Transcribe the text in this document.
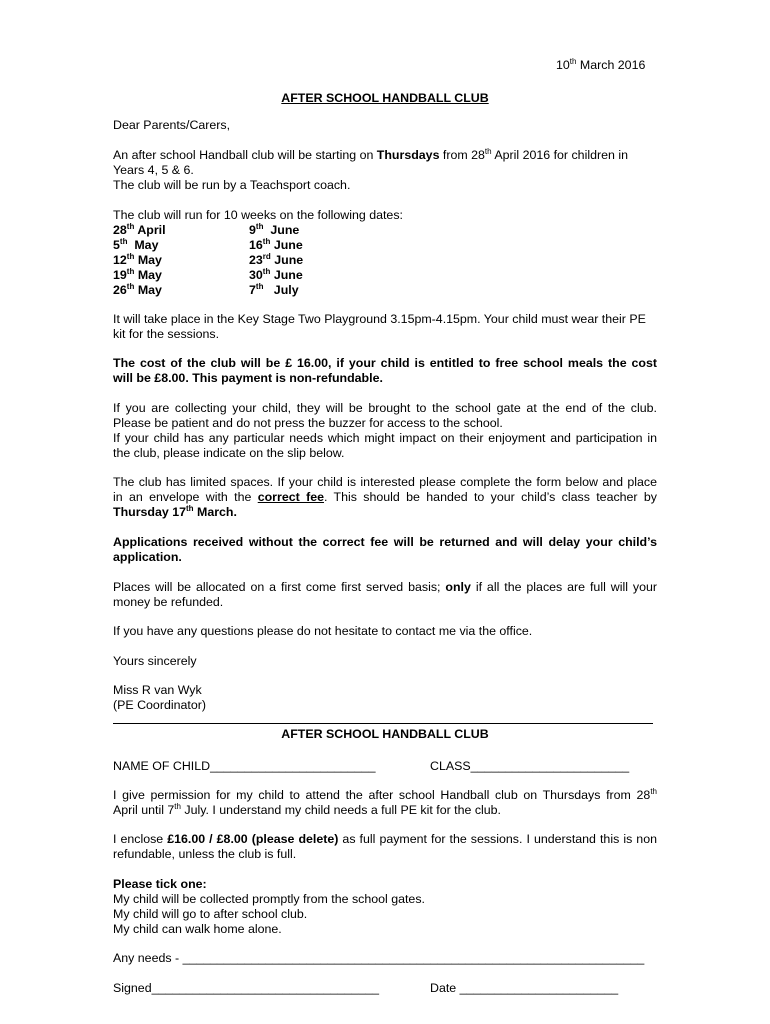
10th March 2016
AFTER SCHOOL HANDBALL CLUB
Dear Parents/Carers,
An after school Handball club will be starting on Thursdays from 28th April 2016 for children in
Years 4, 5 & 6.
The club will be run by a Teachsport coach.
The club will run for 10 weeks on the following dates:
28th April	9th June
5th May	16th June
12th May	23rd June
19th May	30th June
26th May	7th July
It will take place in the Key Stage Two Playground 3.15pm-4.15pm. Your child must wear their PE
kit for the sessions.
The cost of the club will be £ 16.00, if your child is entitled to free school meals the cost
will be £8.00. This payment is non-refundable.
If you are collecting your child, they will be brought to the school gate at the end of the club.
Please be patient and do not press the buzzer for access to the school.
If your child has any particular needs which might impact on their enjoyment and participation in
the club, please indicate on the slip below.
The club has limited spaces. If your child is interested please complete the form below and place
in an envelope with the correct fee. This should be handed to your child’s class teacher by
Thursday 17th March.
Applications received without the correct fee will be returned and will delay your child’s
application.
Places will be allocated on a first come first served basis; only if all the places are full will your
money be refunded.
If you have any questions please do not hesitate to contact me via the office.
Yours sincerely
Miss R van Wyk
(PE Coordinator)
AFTER SCHOOL HANDBALL CLUB
NAME OF CHILD________________________	CLASS_______________________
I give permission for my child to attend the after school Handball club on Thursdays from 28th
April until 7th July. I understand my child needs a full PE kit for the club.
I enclose £16.00 / £8.00 (please delete) as full payment for the sessions. I understand this is non
refundable, unless the club is full.
Please tick one:
My child will be collected promptly from the school gates.
My child will go to after school club.
My child can walk home alone.
Any needs - ___________________________________________________________________
Signed_________________________________	Date _______________________
